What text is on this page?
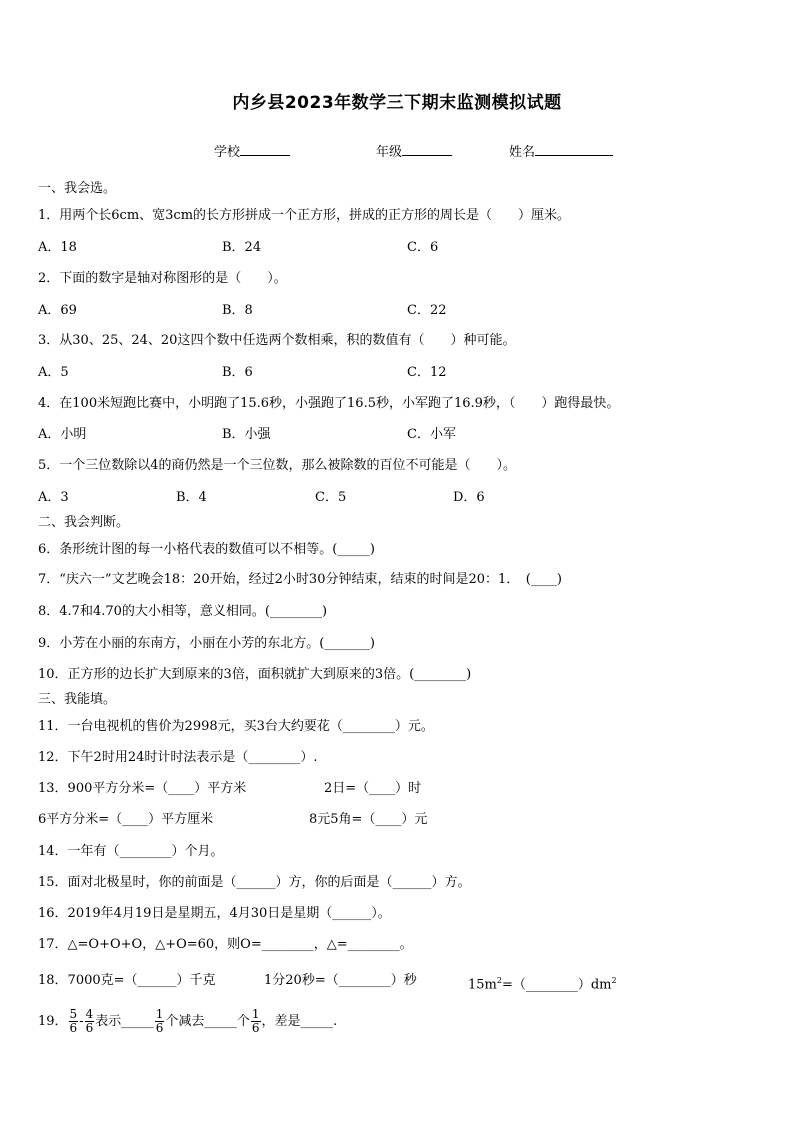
内乡县2023年数学三下期末监测模拟试题
学校	年级	姓名
一、我会选。
1．用两个长6cm、宽3cm的长方形拼成一个正方形，拼成的正方形的周长是（　　）厘米。
A．18	B．24	C．6
2．下面的数字是轴对称图形的是（　　）。
A．69	B．8	C．22
3．从30、25、24、20这四个数中任选两个数相乘，积的数值有（　　）种可能。
A．5	B．6	C．12
4．在100米短跑比赛中，小明跑了15.6秒，小强跑了16.5秒，小军跑了16.9秒，（　　）跑得最快。
A．小明	B．小强	C．小军
5．一个三位数除以4的商仍然是一个三位数，那么被除数的百位不可能是（　　）。
A．3	B．4	C．5	D．6
二、我会判断。
6．条形统计图的每一小格代表的数值可以不相等。(_____)
7．“庆六一”文艺晚会18：20开始，经过2小时30分钟结束，结束的时间是20：1．　(____)
8．4.7和4.70的大小相等，意义相同。(________)
9．小芳在小丽的东南方，小丽在小芳的东北方。(_______)
10．正方形的边长扩大到原来的3倍，面积就扩大到原来的3倍。(________)
三、我能填。
11．一台电视机的售价为2998元，买3台大约要花（________）元。
12．下午2时用24时计时法表示是（________）.
13．900平方分米=（____）平方米	2日=（____）时
6平方分米=（____）平方厘米	8元5角=（____）元
14．一年有（________）个月。
15．面对北极星时，你的前面是（______）方，你的后面是（______）方。
16．2019年4月19日是星期五，4月30日是星期（______）。
17．△=O+O+O，△+O=60，则O=________，△=________。
18．7000克=（______）千克	1分20秒=（________）秒	$15m^2=(\_\_\_\_\_\_\_\_)dm^2$
19． $\frac{5}{6} - \frac{4}{6}$ 表示_____ $\frac{1}{6}$ 个减去_____个 $\frac{1}{6}$ ，差是_____.
